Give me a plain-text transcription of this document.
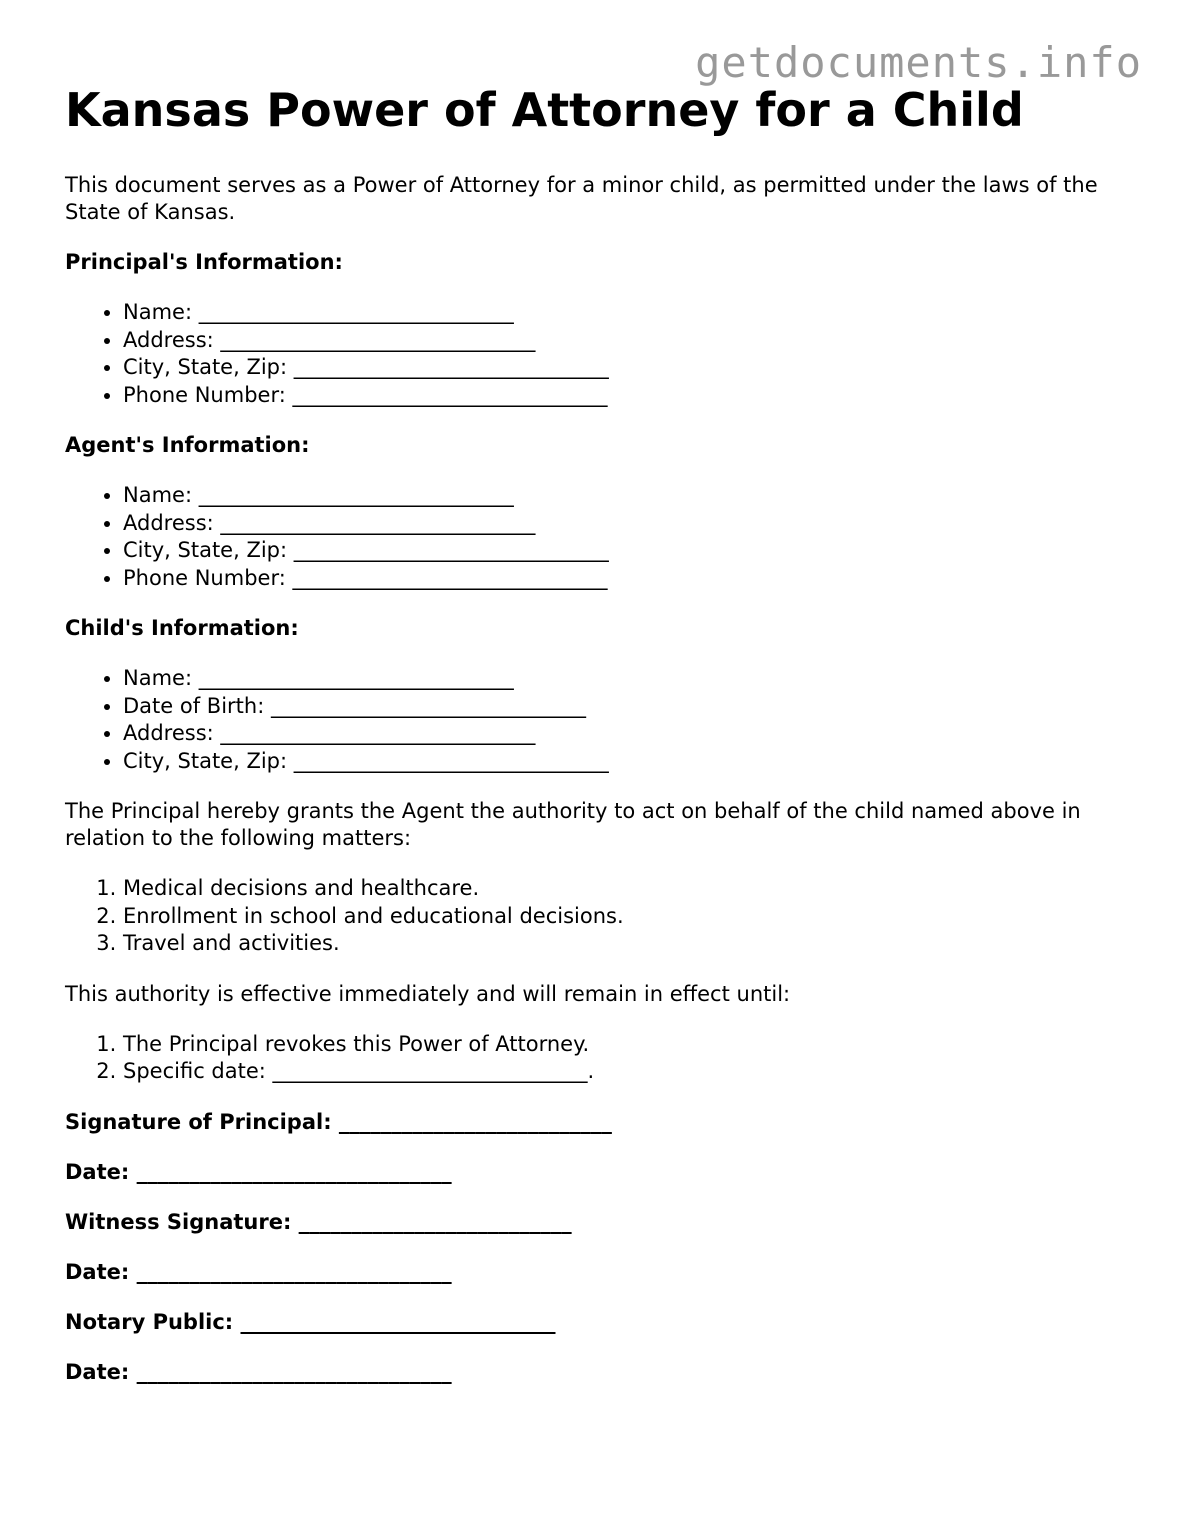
getdocuments.info
Kansas Power of Attorney for a Child

This document serves as a Power of Attorney for a minor child, as permitted under the laws of the State of Kansas.

Principal's Information:

• Name: ______________________________
• Address: ______________________________
• City, State, Zip: ______________________________
• Phone Number: ______________________________

Agent's Information:

• Name: ______________________________
• Address: ______________________________
• City, State, Zip: ______________________________
• Phone Number: ______________________________

Child's Information:

• Name: ______________________________
• Date of Birth: ______________________________
• Address: ______________________________
• City, State, Zip: ______________________________

The Principal hereby grants the Agent the authority to act on behalf of the child named above in relation to the following matters:

1. Medical decisions and healthcare.
2. Enrollment in school and educational decisions.
3. Travel and activities.

This authority is effective immediately and will remain in effect until:

1. The Principal revokes this Power of Attorney.
2. Specific date: ______________________________.

Signature of Principal: __________________________

Date: ______________________________

Witness Signature: __________________________

Date: ______________________________

Notary Public: ______________________________

Date: ______________________________
